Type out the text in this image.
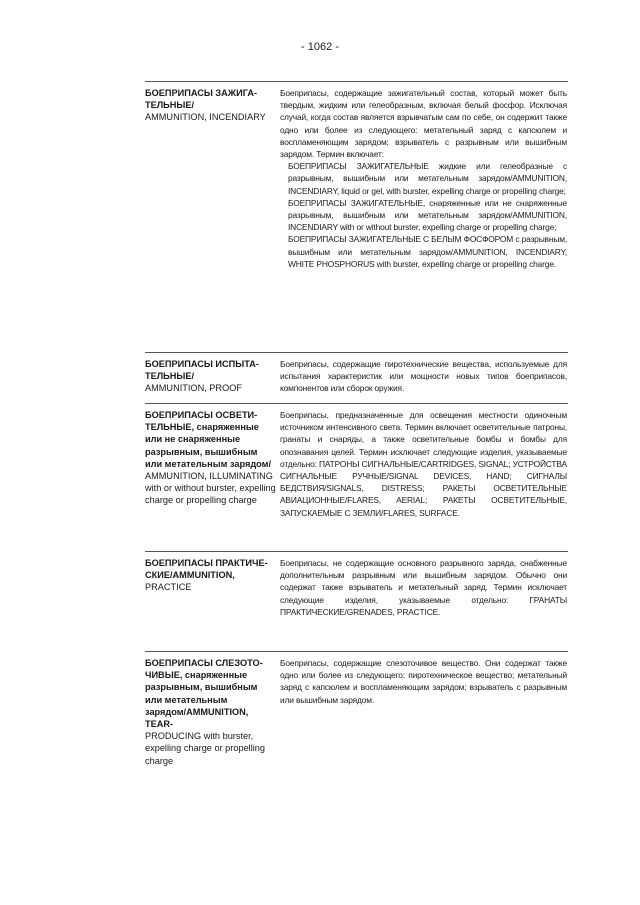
- 1062 -
БОЕПРИПАСЫ ЗАЖИГА-ТЕЛЬНЫЕ/
AMMUNITION, INCENDIARY

Боеприпасы, содержащие зажигательный состав, который может быть твердым, жидким или гелеобразным, включая белый фосфор. Исключая случай, когда состав является взрывчатым сам по себе, он содержит также одно или более из следующего: метательный заряд с капсюлем и воспламеняющим зарядом; взрыватель с разрывным или вышибным зарядом. Термин включает:

БОЕПРИПАСЫ ЗАЖИГАТЕЛЬНЫЕ жидкие или гелеобразные с разрывным, вышибным или метательным зарядом/AMMUNITION, INCENDIARY, liquid or gel, with burster, expelling charge or propelling charge;

БОЕПРИПАСЫ ЗАЖИГАТЕЛЬНЫЕ, снаряженные или не снаряженные разрывным, вышибным или метательным зарядом/AMMUNITION, INCENDIARY with or without burster, expelling charge or propelling charge;

БОЕПРИПАСЫ ЗАЖИГАТЕЛЬНЫЕ С БЕЛЫМ ФОСФОРОМ с разрывным, вышибным или метательным зарядом/AMMUNITION, INCENDIARY, WHITE PHOSPHORUS with burster, expelling charge or propelling charge.

БОЕПРИПАСЫ ИСПЫТА-ТЕЛЬНЫЕ/
AMMUNITION, PROOF

Боеприпасы, содержащие пиротехнические вещества, используемые для испытания характеристик или мощности новых типов боеприпасов, компонентов или сборок оружия.

БОЕПРИПАСЫ ОСВЕТИ-ТЕЛЬНЫЕ, снаряженные или не снаряженные разрывным, вышибным или метательным зарядом/
AMMUNITION, ILLUMINATING with or without burster, expelling charge or propelling charge

Боеприпасы, предназначенные для освещения местности одиночным источником интенсивного света. Термин включает осветительные патроны, гранаты и снаряды, а также осветительные бомбы и бомбы для опознавания целей. Термин исключает следующие изделия, указываемые отдельно: ПАТРОНЫ СИГНАЛЬНЫЕ/CARTRIDGES, SIGNAL; УСТРОЙСТВА СИГНАЛЬНЫЕ РУЧНЫЕ/SIGNAL DEVICES, HAND; СИГНАЛЫ БЕДСТВИЯ/SIGNALS, DISTRESS; РАКЕТЫ ОСВЕТИТЕЛЬНЫЕ АВИАЦИОННЫЕ/FLARES, AERIAL; РАКЕТЫ ОСВЕТИТЕЛЬНЫЕ, ЗАПУСКАЕМЫЕ С ЗЕМЛИ/FLARES, SURFACE.

БОЕПРИПАСЫ ПРАКТИЧЕ-СКИЕ/AMMUNITION,
PRACTICE

Боеприпасы, не содержащие основного разрывного заряда, снабженные дополнительным разрывным или вышибным зарядом. Обычно они содержат также взрыватель и метательный заряд. Термин исключает следующие изделия, указываемые отдельно: ГРАНАТЫ ПРАКТИЧЕСКИЕ/GRENADES, PRACTICE.

БОЕПРИПАСЫ СЛЕЗОТО-ЧИВЫЕ, снаряженные разрывным, вышибным или метательным зарядом/AMMUNITION, TEAR-
PRODUCING with burster, expelling charge or propelling charge

Боеприпасы, содержащие слезоточивое вещество. Они содержат также одно или более из следующего: пиротехническое вещество; метательный заряд с капсюлем и воспламеняющим зарядом; взрыватель с разрывным или вышибным зарядом.
